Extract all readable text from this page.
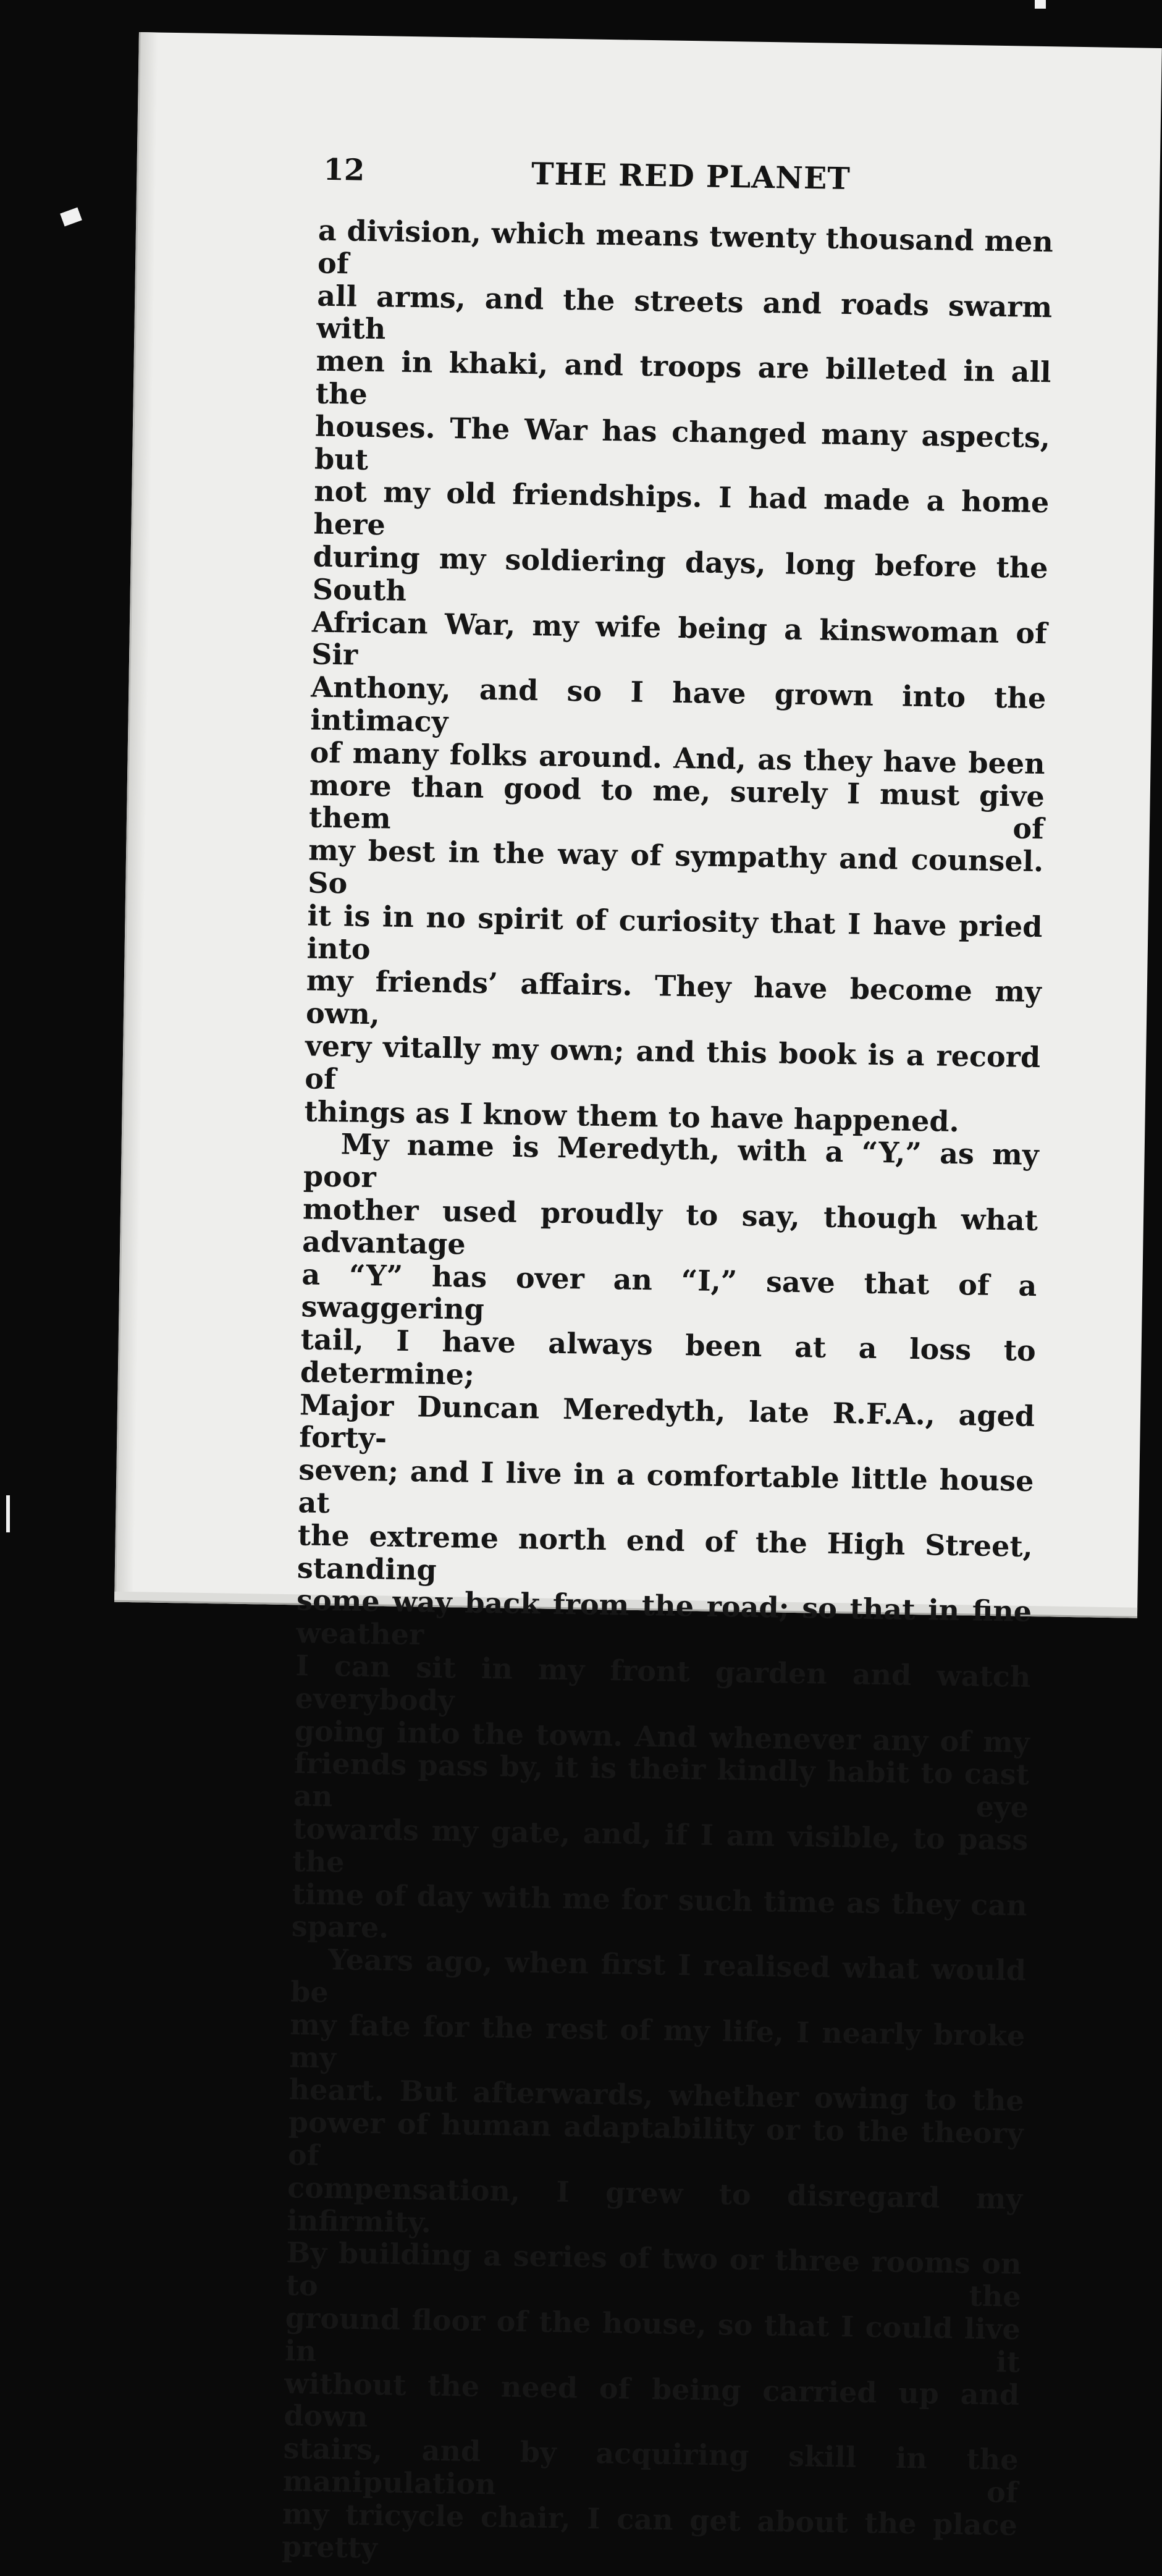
12	THE RED PLANET

a division, which means twenty thousand men of

all arms, and the streets and roads swarm with

men in khaki, and troops are billeted in all the

houses. The War has changed many aspects, but

not my old friendships. I had made a home here

during my soldiering days, long before the South

African War, my wife being a kinswoman of Sir

Anthony, and so I have grown into the intimacy

of many folks around. And, as they have been

more than good to me, surely I must give them of

my best in the way of sympathy and counsel. So

it is in no spirit of curiosity that I have pried into

my friends’ affairs. They have become my own,

very vitally my own; and this book is a record of

things as I know them to have happened.

My name is Meredyth, with a “Y,” as my poor

mother used proudly to say, though what advantage

a “Y” has over an “I,” save that of a swaggering

tail, I have always been at a loss to determine;

Major Duncan Meredyth, late R.F.A., aged forty-

seven; and I live in a comfortable little house at

the extreme north end of the High Street, standing

some way back from the road; so that in fine weather

I can sit in my front garden and watch everybody

going into the town. And whenever any of my

friends pass by, it is their kindly habit to cast an eye

towards my gate, and, if I am visible, to pass the

time of day with me for such time as they can spare.

Years ago, when first I realised what would be

my fate for the rest of my life, I nearly broke my

heart. But afterwards, whether owing to the

power of human adaptability or to the theory of

compensation, I grew to disregard my infirmity.

By building a series of two or three rooms on to the

ground floor of the house, so that I could live in it

without the need of being carried up and down

stairs, and by acquiring skill in the manipulation of

my tricycle chair, I can get about the place pretty
